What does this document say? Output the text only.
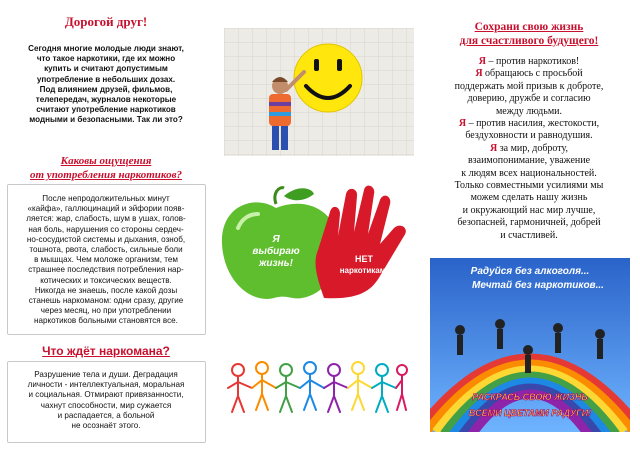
Дорогой друг!
Сегодня многие молодые люди знают,
что такое наркотики, где их можно
купить и считают допустимым
употребление в небольших дозах.
Под влиянием друзей, фильмов,
телепередач, журналов некоторые
считают употребление наркотиков
модными и безопасными. Так ли это?
Каковы ощущения
от употребления наркотиков?
После непродолжительных минут
«кайфа», галлюцинаций и эйфории появ-
ляется: жар, слабость, шум в ушах, голов-
ная боль, нарушения со стороны сердеч-
но-сосудистой системы и дыхания, озноб,
тошнота, рвота, слабость, сильные боли
в мышцах. Чем моложе организм, тем
страшнее последствия потребления нар-
котических и токсических веществ.
Никогда не знаешь, после какой дозы
станешь наркоманом: одни сразу, другие
через месяц, но при употреблении
наркотиков больными становятся все.
Что ждёт наркомана?
Разрушение тела и души. Деградация
личности - интеллектуальная, моральная
и социальная. Отмирают привязанности,
чахнут способности, мир сужается
и распадается, а больной
не осознаёт этого.
Я
выбираю
жизнь!	НЕТ
наркотикам!
Сохрани свою жизнь
для счастливого будущего!
Я – против наркотиков!
Я обращаюсь с просьбой
поддержать мой призыв к доброте,
доверию, дружбе и согласию
между людьми.
Я – против насилия, жестокости,
бездуховности и равнодушия.
Я за мир, доброту,
взаимопонимание, уважение
к людям всех национальностей.
Только совместными усилиями мы
можем сделать нашу жизнь
и окружающий нас мир лучше,
безопасней, гармоничней, добрей
и счастливей.
Радуйся без алкоголя...
Мечтай без наркотиков...
РАСКРАСЬ СВОЮ ЖИЗНЬ
ВСЕМИ ЦВЕТАМИ РАДУГИ!
